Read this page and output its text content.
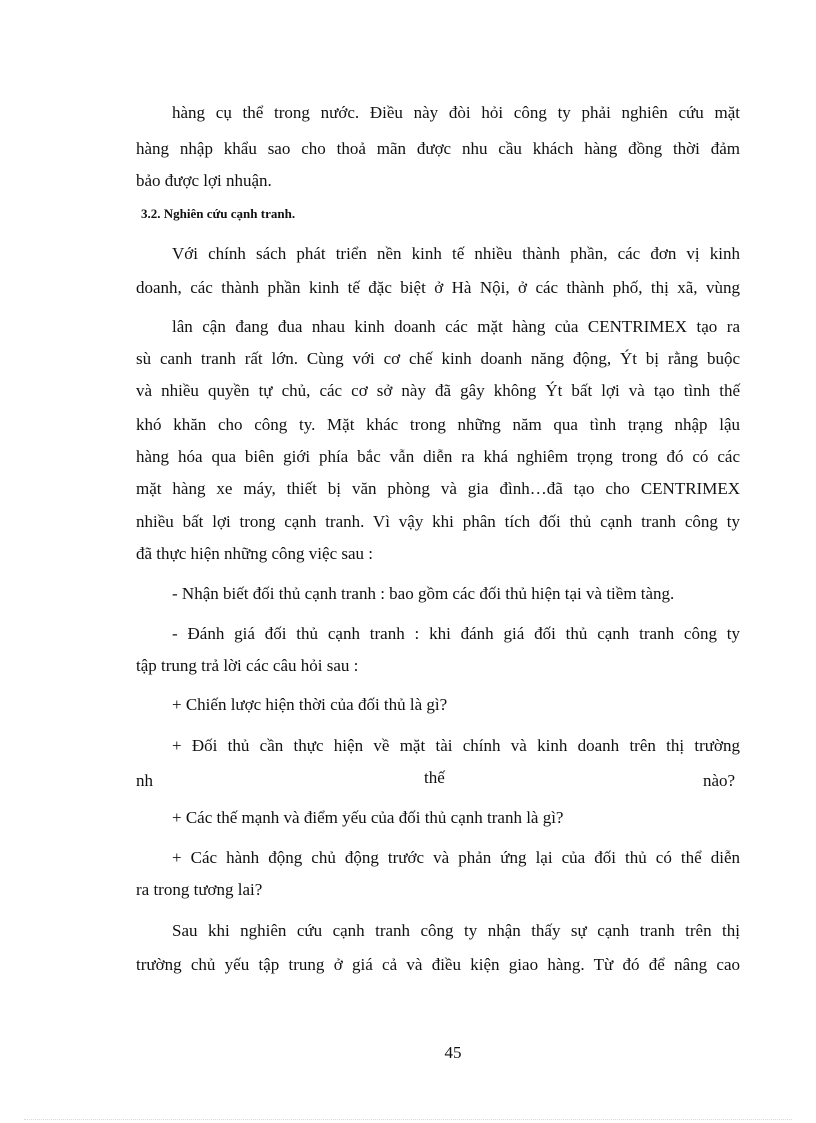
hàng cụ thể trong nước. Điều này đòi hỏi công ty phải nghiên cứu mặt
hàng nhập khẩu sao cho thoả mãn được nhu cầu khách hàng đồng thời đảm
bảo được lợi nhuận.
3.2. Nghiên cứu cạnh tranh.
Với chính sách phát triển nền kinh tế nhiều thành phần, các đơn vị kinh
doanh, các thành phần kinh tế đặc biệt ở Hà Nội, ở các thành phố, thị xã, vùng
lân cận đang đua nhau kinh doanh các mặt hàng của CENTRIMEX tạo ra
sù canh tranh rất lớn. Cùng với cơ chế kinh doanh năng động, Ýt bị rằng buộc
và nhiều quyền tự chủ, các cơ sở này đã gây không Ýt bất lợi và tạo tình thế
khó khăn cho công ty. Mặt khác trong những năm qua tình trạng nhập lậu
hàng hóa qua biên giới phía bắc vẫn diễn ra khá nghiêm trọng trong đó có các
mặt hàng xe máy, thiết bị văn phòng và gia đình…đã tạo cho CENTRIMEX
nhiều bất lợi trong cạnh tranh. Vì vậy khi phân tích đối thủ cạnh tranh công ty
đã thực hiện những công việc sau :
- Nhận biết đối thủ cạnh tranh : bao gồm các đối thủ hiện tại và tiềm tàng.
- Đánh giá đối thủ cạnh tranh : khi đánh giá đối thủ cạnh tranh công ty
tập trung trả lời các câu hỏi sau :
+ Chiến lược hiện thời của đối thủ là gì?
+ Đối thủ cần thực hiện về mặt tài chính và kinh doanh trên thị trường
nh	thế	nào?
+ Các thế mạnh và điểm yếu của đối thủ cạnh tranh là gì?
+ Các hành động chủ động trước và phản ứng lại của đối thủ có thể diễn
ra trong tương lai?
Sau khi nghiên cứu cạnh tranh công ty nhận thấy sự cạnh tranh trên thị
trường chủ yếu tập trung ở giá cả và điều kiện giao hàng. Từ đó để nâng cao
45
